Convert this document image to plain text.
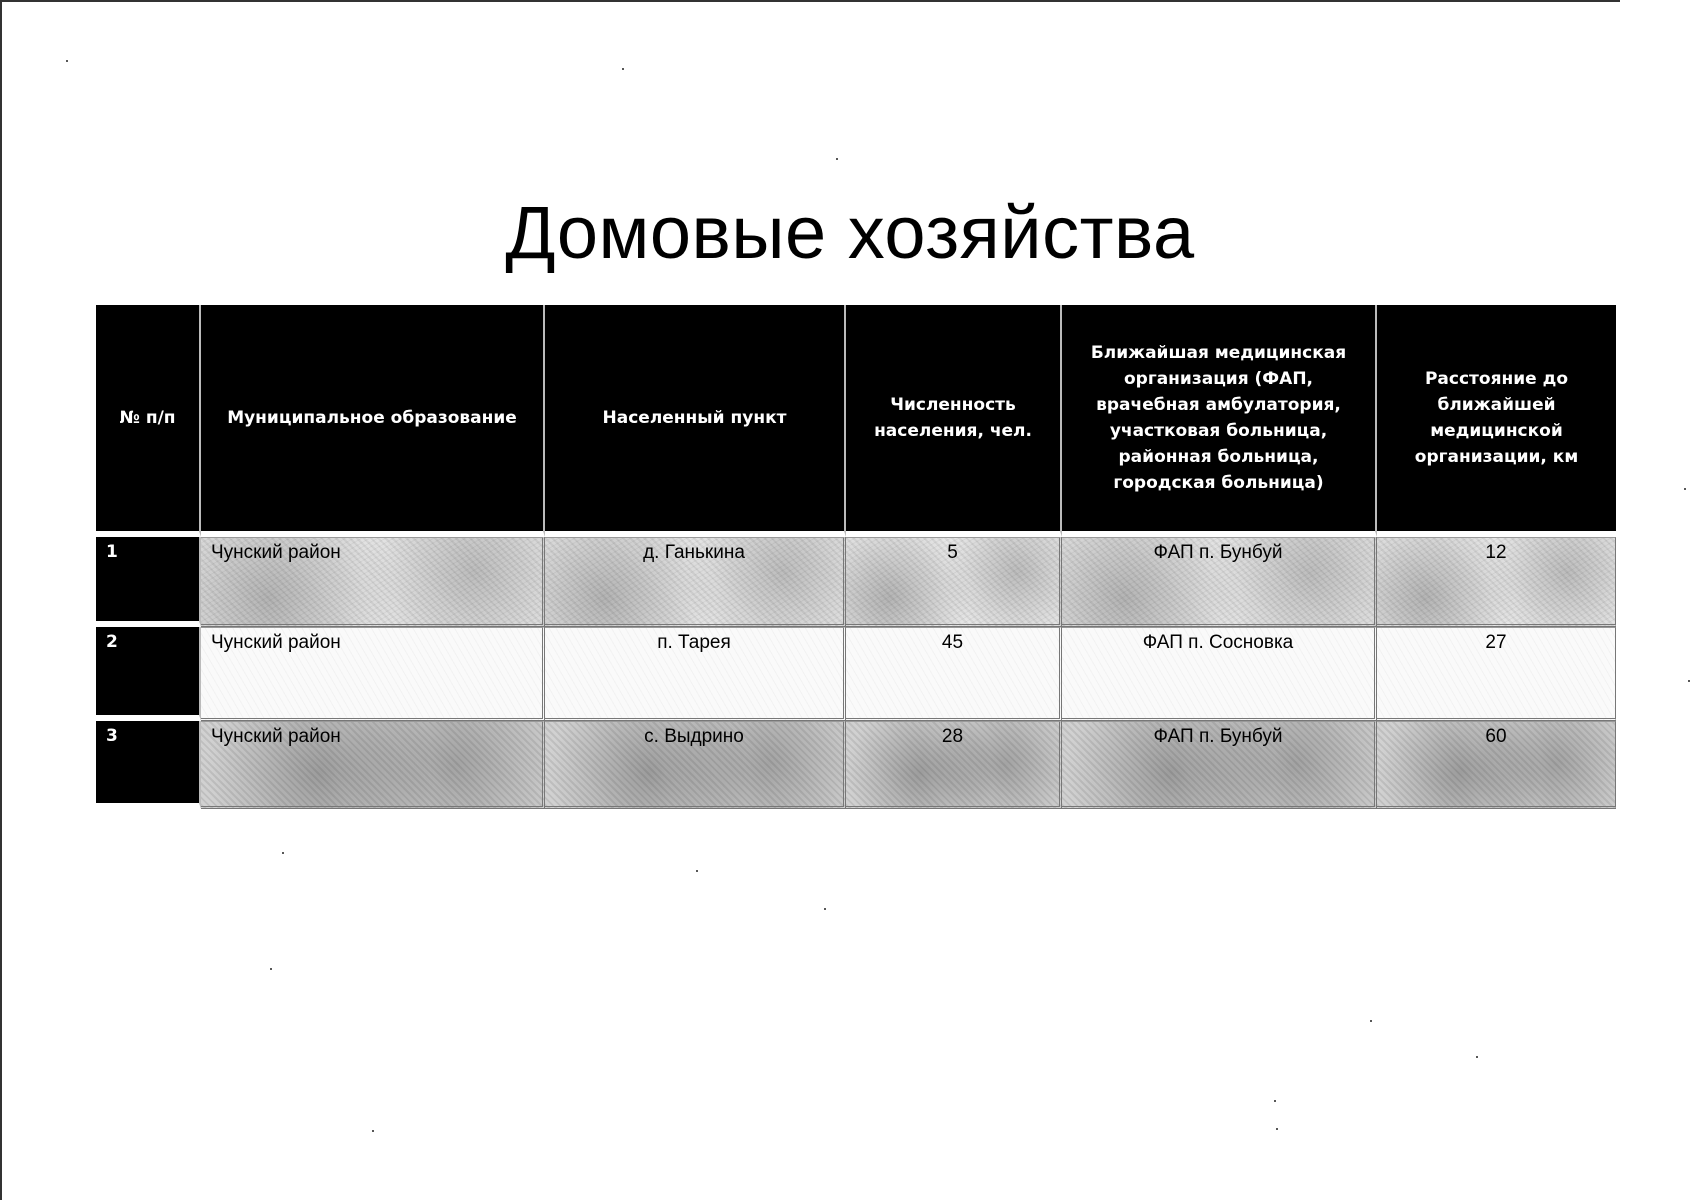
Домовые хозяйства
№ п/п	Муниципальное образование	Населенный пункт	Численность населения, чел.	Ближайшая медицинская организация (ФАП, врачебная амбулатория, участковая больница, районная больница, городская больница)	Расстояние до ближайшей медицинской организации, км
1	Чунский район	д. Ганькина	5	ФАП п. Бунбуй	12
2	Чунский район	п. Тарея	45	ФАП п. Сосновка	27
3	Чунский район	с. Выдрино	28	ФАП п. Бунбуй	60
